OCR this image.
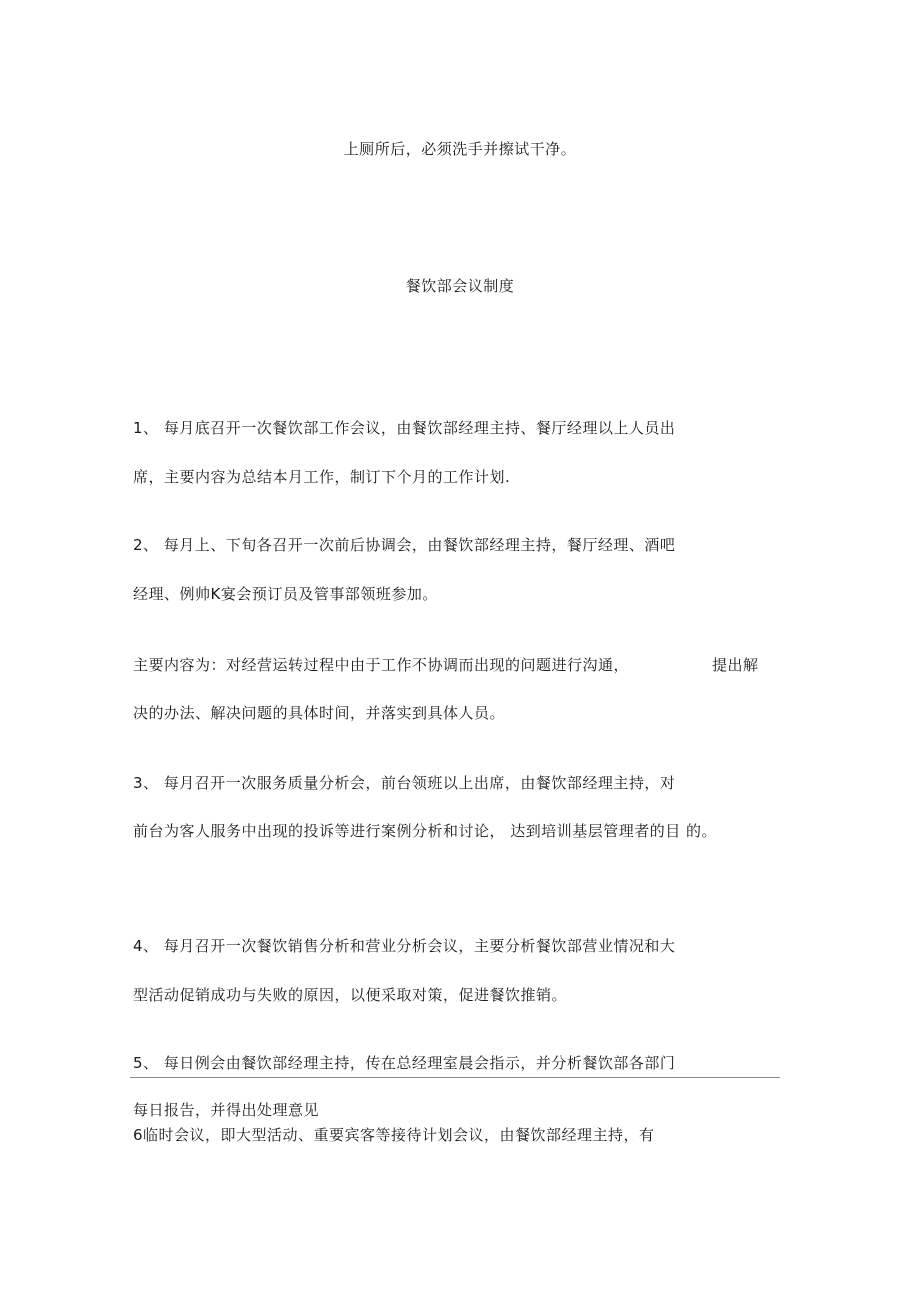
上厕所后，必须洗手并擦试干净。
餐饮部会议制度
1、 每月底召开一次餐饮部工作会议，由餐饮部经理主持、餐厅经理以上人员出
席，主要内容为总结本月工作，制订下个月的工作计划.
2、 每月上、下旬各召开一次前后协调会，由餐饮部经理主持，餐厅经理、酒吧
经理、例帅K宴会预订员及管事部领班参加。
主要内容为：对经营运转过程中由于工作不协调而出现的问题进行沟通，	提出解
决的办法、解决问题的具体时间，并落实到具体人员。
3、 每月召开一次服务质量分析会，前台领班以上出席，由餐饮部经理主持，对
前台为客人服务中出现的投诉等进行案例分析和讨论， 达到培训基层管理者的目 的。
4、 每月召开一次餐饮销售分析和营业分析会议，主要分析餐饮部营业情况和大
型活动促销成功与失败的原因，以便采取对策，促进餐饮推销。
5、 每日例会由餐饮部经理主持，传在总经理室晨会指示，并分析餐饮部各部门
每日报告，并得出处理意见
6临时会议，即大型活动、重要宾客等接待计划会议，由餐饮部经理主持，有
